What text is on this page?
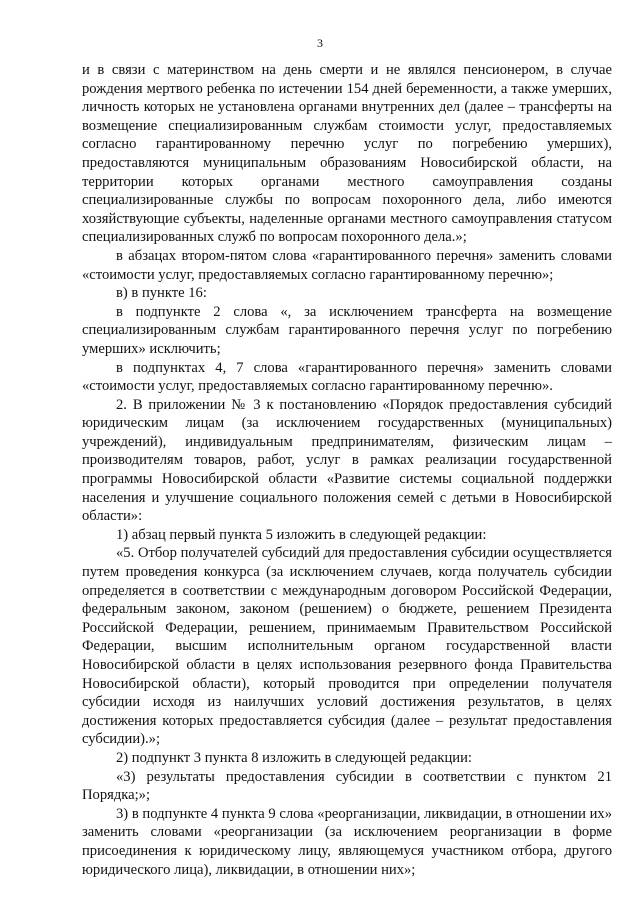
3

и в связи с материнством на день смерти и не являлся пенсионером, в случае рождения мертвого ребенка по истечении 154 дней беременности, а также умерших, личность которых не установлена органами внутренних дел (далее – трансферты на возмещение специализированным службам стоимости услуг, предоставляемых согласно гарантированному перечню услуг по погребению умерших), предоставляются муниципальным образованиям Новосибирской области, на территории которых органами местного самоуправления созданы специализированные службы по вопросам похоронного дела, либо имеются хозяйствующие субъекты, наделенные органами местного самоуправления статусом специализированных служб по вопросам похоронного дела.»;

в абзацах втором-пятом слова «гарантированного перечня» заменить словами «стоимости услуг, предоставляемых согласно гарантированному перечню»;

в) в пункте 16:

в подпункте 2 слова «, за исключением трансферта на возмещение специализированным службам гарантированного перечня услуг по погребению умерших» исключить;

в подпунктах 4, 7 слова «гарантированного перечня» заменить словами «стоимости услуг, предоставляемых согласно гарантированному перечню».

2. В приложении № 3 к постановлению «Порядок предоставления субсидий юридическим лицам (за исключением государственных (муниципальных) учреждений), индивидуальным предпринимателям, физическим лицам – производителям товаров, работ, услуг в рамках реализации государственной программы Новосибирской области «Развитие системы социальной поддержки населения и улучшение социального положения семей с детьми в Новосибирской области»:

1) абзац первый пункта 5 изложить в следующей редакции:

«5. Отбор получателей субсидий для предоставления субсидии осуществляется путем проведения конкурса (за исключением случаев, когда получатель субсидии определяется в соответствии с международным договором Российской Федерации, федеральным законом, законом (решением) о бюджете, решением Президента Российской Федерации, решением, принимаемым Правительством Российской Федерации, высшим исполнительным органом государственной власти Новосибирской области в целях использования резервного фонда Правительства Новосибирской области), который проводится при определении получателя субсидии исходя из наилучших условий достижения результатов, в целях достижения которых предоставляется субсидия (далее – результат предоставления субсидии).»;

2) подпункт 3 пункта 8 изложить в следующей редакции:

«3) результаты предоставления субсидии в соответствии с пунктом 21 Порядка;»;

3) в подпункте 4 пункта 9 слова «реорганизации, ликвидации, в отношении их» заменить словами «реорганизации (за исключением реорганизации в форме присоединения к юридическому лицу, являющемуся участником отбора, другого юридического лица), ликвидации, в отношении них»;
